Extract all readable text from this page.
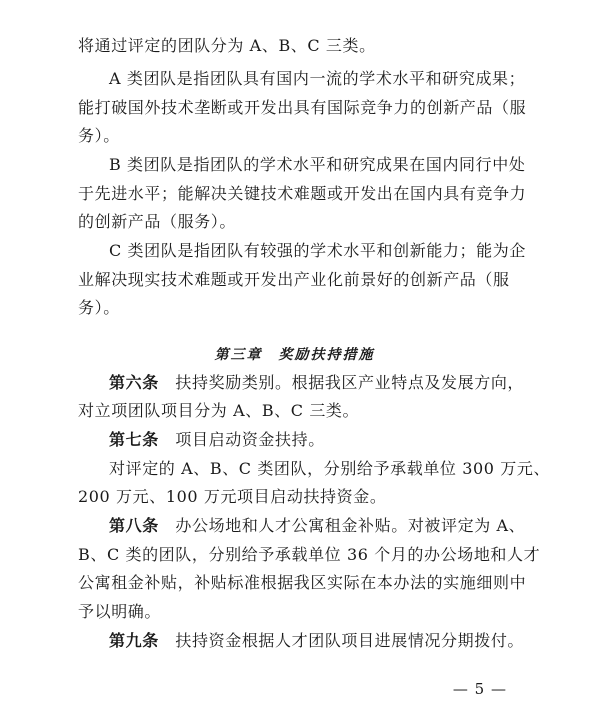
将通过评定的团队分为 A、B、C 三类。
A 类团队是指团队具有国内一流的学术水平和研究成果；
能打破国外技术垄断或开发出具有国际竞争力的创新产品（服
务）。
B 类团队是指团队的学术水平和研究成果在国内同行中处
于先进水平；能解决关键技术难题或开发出在国内具有竞争力
的创新产品（服务）。
C 类团队是指团队有较强的学术水平和创新能力；能为企
业解决现实技术难题或开发出产业化前景好的创新产品（服
务）。
第三章　奖励扶持措施
第六条　 扶持奖励类别。根据我区产业特点及发展方向，
对立项团队项目分为 A、B、C 三类。
第七条　 项目启动资金扶持。
对评定的 A、B、C 类团队，分别给予承载单位 300 万元、
200 万元、100 万元项目启动扶持资金。
第八条　 办公场地和人才公寓租金补贴。对被评定为 A、
B、C 类的团队，分别给予承载单位 36 个月的办公场地和人才
公寓租金补贴，补贴标准根据我区实际在本办法的实施细则中
予以明确。
第九条　 扶持资金根据人才团队项目进展情况分期拨付。
— 5 —
